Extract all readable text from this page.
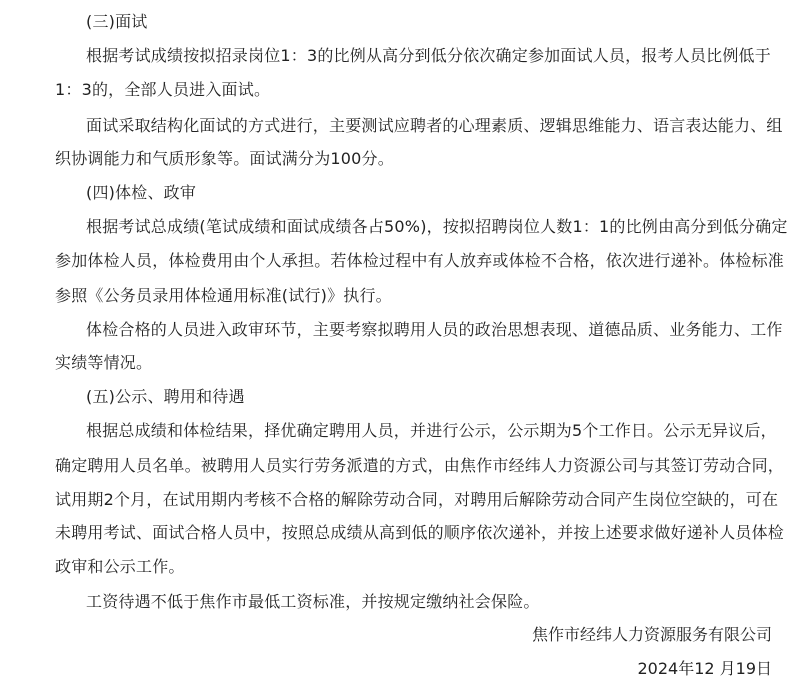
(三)面试
根据考试成绩按拟招录岗位1：3的比例从高分到低分依次确定参加面试人员，报考人员比例低于
1：3的，全部人员进入面试。
面试采取结构化面试的方式进行，主要测试应聘者的心理素质、逻辑思维能力、语言表达能力、组
织协调能力和气质形象等。面试满分为100分。
(四)体检、政审
根据考试总成绩(笔试成绩和面试成绩各占50%)，按拟招聘岗位人数1：1的比例由高分到低分确定
参加体检人员，体检费用由个人承担。若体检过程中有人放弃或体检不合格，依次进行递补。体检标准
参照《公务员录用体检通用标准(试行)》执行。
体检合格的人员进入政审环节，主要考察拟聘用人员的政治思想表现、道德品质、业务能力、工作
实绩等情况。
(五)公示、聘用和待遇
根据总成绩和体检结果，择优确定聘用人员，并进行公示，公示期为5个工作日。公示无异议后，
确定聘用人员名单。被聘用人员实行劳务派遣的方式，由焦作市经纬人力资源公司与其签订劳动合同，
试用期2个月，在试用期内考核不合格的解除劳动合同，对聘用后解除劳动合同产生岗位空缺的，可在
未聘用考试、面试合格人员中，按照总成绩从高到低的顺序依次递补，并按上述要求做好递补人员体检
政审和公示工作。
工资待遇不低于焦作市最低工资标准，并按规定缴纳社会保险。
焦作市经纬人力资源服务有限公司
2024年12 月19日
